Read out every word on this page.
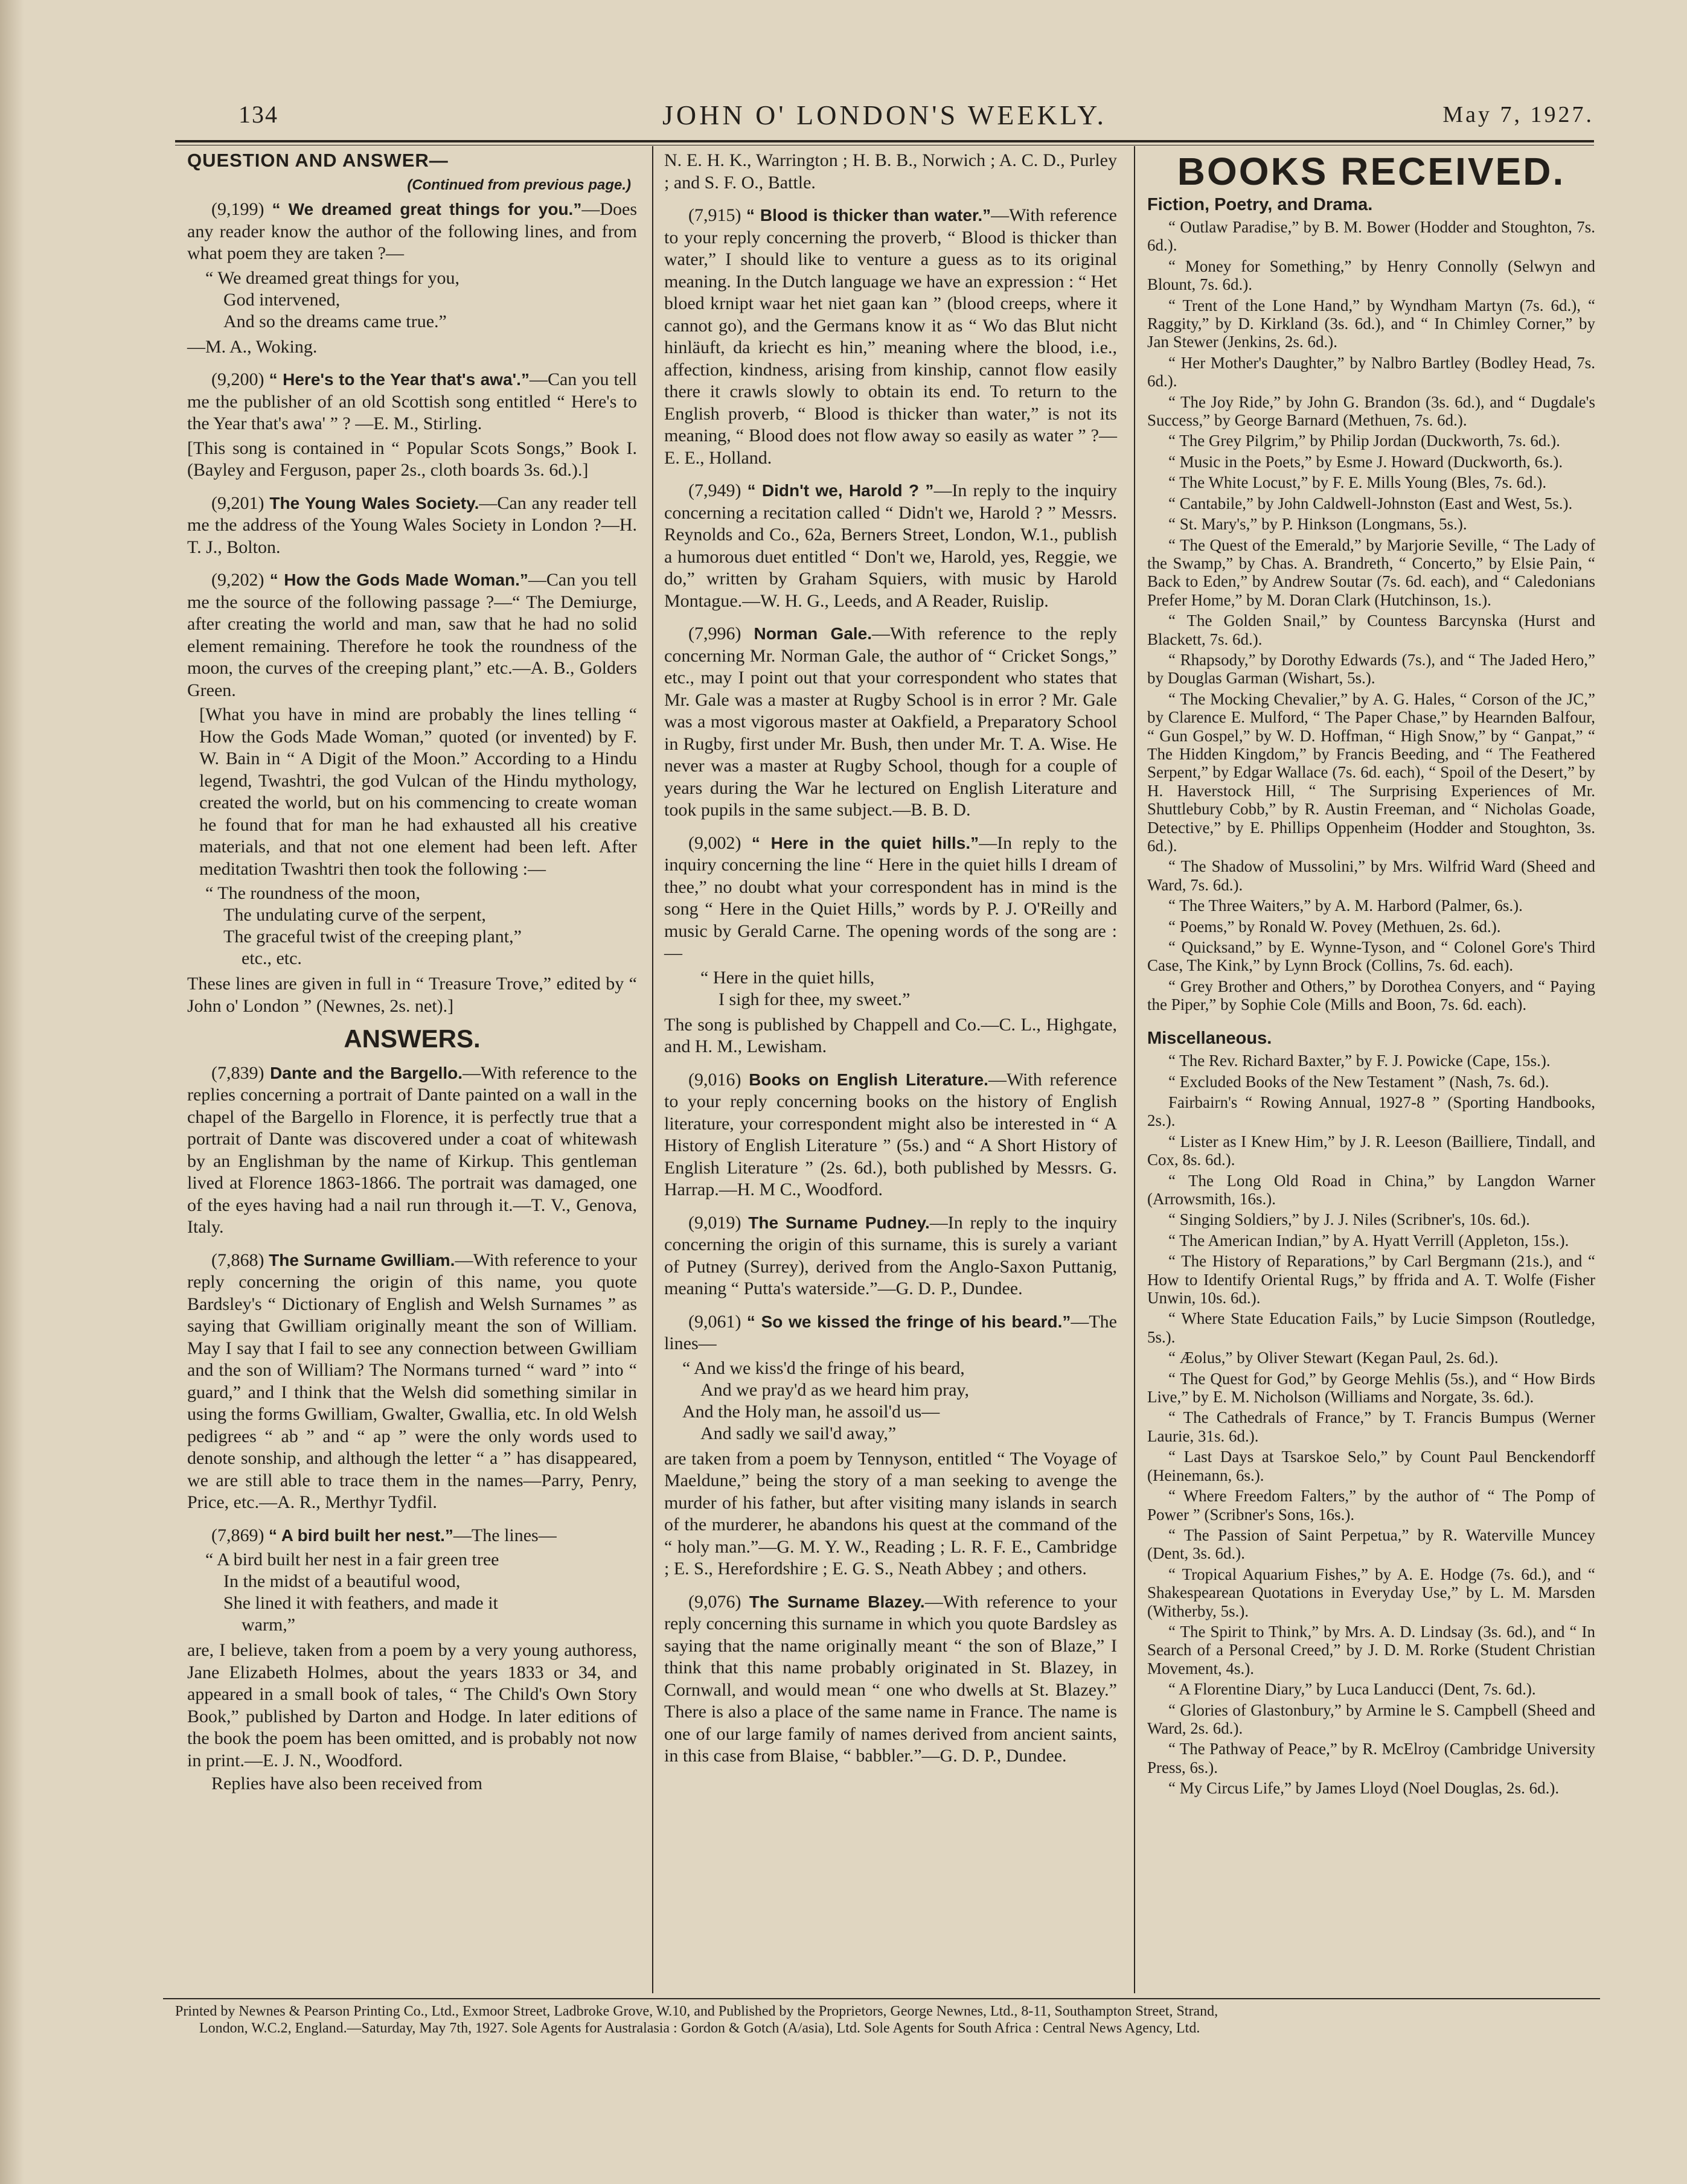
134	JOHN O' LONDON'S WEEKLY.	May 7, 1927.
QUESTION AND ANSWER—
(Continued from previous page.)

(9,199) “ We dreamed great things for you.”—Does any reader know the author of the following lines, and from what poem they are taken ?—

“ We dreamed great things for you,
God intervened,
And so the dreams came true.”

—M. A., Woking.

(9,200) “ Here's to the Year that's awa'.”—Can you tell me the publisher of an old Scottish song entitled “ Here's to the Year that's awa' ” ? —E. M., Stirling.

[This song is contained in “ Popular Scots Songs,” Book I. (Bayley and Ferguson, paper 2s., cloth boards 3s. 6d.).]

(9,201) The Young Wales Society.—Can any reader tell me the address of the Young Wales Society in London ?—H. T. J., Bolton.

(9,202) “ How the Gods Made Woman.”—Can you tell me the source of the following passage ?—“ The Demiurge, after creating the world and man, saw that he had no solid element remaining. Therefore he took the roundness of the moon, the curves of the creeping plant,” etc.—A. B., Golders Green.

[What you have in mind are probably the lines telling “ How the Gods Made Woman,” quoted (or invented) by F. W. Bain in “ A Digit of the Moon.” According to a Hindu legend, Twashtri, the god Vulcan of the Hindu mythology, created the world, but on his commencing to create woman he found that for man he had exhausted all his creative materials, and that not one element had been left. After meditation Twashtri then took the following :—

“ The roundness of the moon,
The undulating curve of the serpent,
The graceful twist of the creeping plant,”
etc., etc.

These lines are given in full in “ Treasure Trove,” edited by “ John o' London ” (Newnes, 2s. net).]

ANSWERS.

(7,839) Dante and the Bargello.—With reference to the replies concerning a portrait of Dante painted on a wall in the chapel of the Bargello in Florence, it is perfectly true that a portrait of Dante was discovered under a coat of whitewash by an Englishman by the name of Kirkup. This gentleman lived at Florence 1863-1866. The portrait was damaged, one of the eyes having had a nail run through it.—T. V., Genova, Italy.

(7,868) The Surname Gwilliam.—With reference to your reply concerning the origin of this name, you quote Bardsley's “ Dictionary of English and Welsh Surnames ” as saying that Gwilliam originally meant the son of William. May I say that I fail to see any connection between Gwilliam and the son of William? The Normans turned “ ward ” into “ guard,” and I think that the Welsh did something similar in using the forms Gwilliam, Gwalter, Gwallia, etc. In old Welsh pedigrees “ ab ” and “ ap ” were the only words used to denote sonship, and although the letter “ a ” has disappeared, we are still able to trace them in the names—Parry, Penry, Price, etc.—A. R., Merthyr Tydfil.

(7,869) “ A bird built her nest.”—The lines—

“ A bird built her nest in a fair green tree
In the midst of a beautiful wood,
She lined it with feathers, and made it
warm,”

are, I believe, taken from a poem by a very young authoress, Jane Elizabeth Holmes, about the years 1833 or 34, and appeared in a small book of tales, “ The Child's Own Story Book,” published by Darton and Hodge. In later editions of the book the poem has been omitted, and is probably not now in print.—E. J. N., Woodford.

Replies have also been received from

N. E. H. K., Warrington ; H. B. B., Norwich ; A. C. D., Purley ; and S. F. O., Battle.

(7,915) “ Blood is thicker than water.”—With reference to your reply concerning the proverb, “ Blood is thicker than water,” I should like to venture a guess as to its original meaning. In the Dutch language we have an expression : “ Het bloed krnipt waar het niet gaan kan ” (blood creeps, where it cannot go), and the Germans know it as “ Wo das Blut nicht hinläuft, da kriecht es hin,” meaning where the blood, i.e., affection, kindness, arising from kinship, cannot flow easily there it crawls slowly to obtain its end. To return to the English proverb, “ Blood is thicker than water,” is not its meaning, “ Blood does not flow away so easily as water ” ?—E. E., Holland.

(7,949) “ Didn't we, Harold ? ”—In reply to the inquiry concerning a recitation called “ Didn't we, Harold ? ” Messrs. Reynolds and Co., 62a, Berners Street, London, W.1., publish a humorous duet entitled “ Don't we, Harold, yes, Reggie, we do,” written by Graham Squiers, with music by Harold Montague.—W. H. G., Leeds, and A Reader, Ruislip.

(7,996) Norman Gale.—With reference to the reply concerning Mr. Norman Gale, the author of “ Cricket Songs,” etc., may I point out that your correspondent who states that Mr. Gale was a master at Rugby School is in error ? Mr. Gale was a most vigorous master at Oakfield, a Preparatory School in Rugby, first under Mr. Bush, then under Mr. T. A. Wise. He never was a master at Rugby School, though for a couple of years during the War he lectured on English Literature and took pupils in the same subject.—B. B. D.

(9,002) “ Here in the quiet hills.”—In reply to the inquiry concerning the line “ Here in the quiet hills I dream of thee,” no doubt what your correspondent has in mind is the song “ Here in the Quiet Hills,” words by P. J. O'Reilly and music by Gerald Carne. The opening words of the song are :—

“ Here in the quiet hills,
I sigh for thee, my sweet.”

The song is published by Chappell and Co.—C. L., Highgate, and H. M., Lewisham.

(9,016) Books on English Literature.—With reference to your reply concerning books on the history of English literature, your correspondent might also be interested in “ A History of English Literature ” (5s.) and “ A Short History of English Literature ” (2s. 6d.), both published by Messrs. G. Harrap.—H. M C., Woodford.

(9,019) The Surname Pudney.—In reply to the inquiry concerning the origin of this surname, this is surely a variant of Putney (Surrey), derived from the Anglo-Saxon Puttanig, meaning “ Putta's waterside.”—G. D. P., Dundee.

(9,061) “ So we kissed the fringe of his beard.”—The lines—

“ And we kiss'd the fringe of his beard,
And we pray'd as we heard him pray,
And the Holy man, he assoil'd us—
And sadly we sail'd away,”

are taken from a poem by Tennyson, entitled “ The Voyage of Maeldune,” being the story of a man seeking to avenge the murder of his father, but after visiting many islands in search of the murderer, he abandons his quest at the command of the “ holy man.”—G. M. Y. W., Reading ; L. R. F. E., Cambridge ; E. S., Herefordshire ; E. G. S., Neath Abbey ; and others.

(9,076) The Surname Blazey.—With reference to your reply concerning this surname in which you quote Bardsley as saying that the name originally meant “ the son of Blaze,” I think that this name probably originated in St. Blazey, in Cornwall, and would mean “ one who dwells at St. Blazey.” There is also a place of the same name in France. The name is one of our large family of names derived from ancient saints, in this case from Blaise, “ babbler.”—G. D. P., Dundee.

BOOKS RECEIVED.
Fiction, Poetry, and Drama.

“ Outlaw Paradise,” by B. M. Bower (Hodder and Stoughton, 7s. 6d.).

“ Money for Something,” by Henry Connolly (Selwyn and Blount, 7s. 6d.).

“ Trent of the Lone Hand,” by Wyndham Martyn (7s. 6d.), “ Raggity,” by D. Kirkland (3s. 6d.), and “ In Chimley Corner,” by Jan Stewer (Jenkins, 2s. 6d.).

“ Her Mother's Daughter,” by Nalbro Bartley (Bodley Head, 7s. 6d.).

“ The Joy Ride,” by John G. Brandon (3s. 6d.), and “ Dugdale's Success,” by George Barnard (Methuen, 7s. 6d.).

“ The Grey Pilgrim,” by Philip Jordan (Duckworth, 7s. 6d.).

“ Music in the Poets,” by Esme J. Howard (Duckworth, 6s.).

“ The White Locust,” by F. E. Mills Young (Bles, 7s. 6d.).

“ Cantabile,” by John Caldwell-Johnston (East and West, 5s.).

“ St. Mary's,” by P. Hinkson (Longmans, 5s.).

“ The Quest of the Emerald,” by Marjorie Seville, “ The Lady of the Swamp,” by Chas. A. Brandreth, “ Concerto,” by Elsie Pain, “ Back to Eden,” by Andrew Soutar (7s. 6d. each), and “ Caledonians Prefer Home,” by M. Doran Clark (Hutchinson, 1s.).

“ The Golden Snail,” by Countess Barcynska (Hurst and Blackett, 7s. 6d.).

“ Rhapsody,” by Dorothy Edwards (7s.), and “ The Jaded Hero,” by Douglas Garman (Wishart, 5s.).

“ The Mocking Chevalier,” by A. G. Hales, “ Corson of the JC,” by Clarence E. Mulford, “ The Paper Chase,” by Hearnden Balfour, “ Gun Gospel,” by W. D. Hoffman, “ High Snow,” by “ Ganpat,” “ The Hidden Kingdom,” by Francis Beeding, and “ The Feathered Serpent,” by Edgar Wallace (7s. 6d. each), “ Spoil of the Desert,” by H. Haverstock Hill, “ The Surprising Experiences of Mr. Shuttlebury Cobb,” by R. Austin Freeman, and “ Nicholas Goade, Detective,” by E. Phillips Oppenheim (Hodder and Stoughton, 3s. 6d.).

“ The Shadow of Mussolini,” by Mrs. Wilfrid Ward (Sheed and Ward, 7s. 6d.).

“ The Three Waiters,” by A. M. Harbord (Palmer, 6s.).

“ Poems,” by Ronald W. Povey (Methuen, 2s. 6d.).

“ Quicksand,” by E. Wynne-Tyson, and “ Colonel Gore's Third Case, The Kink,” by Lynn Brock (Collins, 7s. 6d. each).

“ Grey Brother and Others,” by Dorothea Conyers, and “ Paying the Piper,” by Sophie Cole (Mills and Boon, 7s. 6d. each).

Miscellaneous.

“ The Rev. Richard Baxter,” by F. J. Powicke (Cape, 15s.).

“ Excluded Books of the New Testament ” (Nash, 7s. 6d.).

Fairbairn's “ Rowing Annual, 1927-8 ” (Sporting Handbooks, 2s.).

“ Lister as I Knew Him,” by J. R. Leeson (Bailliere, Tindall, and Cox, 8s. 6d.).

“ The Long Old Road in China,” by Langdon Warner (Arrowsmith, 16s.).

“ Singing Soldiers,” by J. J. Niles (Scribner's, 10s. 6d.).

“ The American Indian,” by A. Hyatt Verrill (Appleton, 15s.).

“ The History of Reparations,” by Carl Bergmann (21s.), and “ How to Identify Oriental Rugs,” by ffrida and A. T. Wolfe (Fisher Unwin, 10s. 6d.).

“ Where State Education Fails,” by Lucie Simpson (Routledge, 5s.).

“ Æolus,” by Oliver Stewart (Kegan Paul, 2s. 6d.).

“ The Quest for God,” by George Mehlis (5s.), and “ How Birds Live,” by E. M. Nicholson (Williams and Norgate, 3s. 6d.).

“ The Cathedrals of France,” by T. Francis Bumpus (Werner Laurie, 31s. 6d.).

“ Last Days at Tsarskoe Selo,” by Count Paul Benckendorff (Heinemann, 6s.).

“ Where Freedom Falters,” by the author of “ The Pomp of Power ” (Scribner's Sons, 16s.).

“ The Passion of Saint Perpetua,” by R. Waterville Muncey (Dent, 3s. 6d.).

“ Tropical Aquarium Fishes,” by A. E. Hodge (7s. 6d.), and “ Shakespearean Quotations in Everyday Use,” by L. M. Marsden (Witherby, 5s.).

“ The Spirit to Think,” by Mrs. A. D. Lindsay (3s. 6d.), and “ In Search of a Personal Creed,” by J. D. M. Rorke (Student Christian Movement, 4s.).

“ A Florentine Diary,” by Luca Landucci (Dent, 7s. 6d.).

“ Glories of Glastonbury,” by Armine le S. Campbell (Sheed and Ward, 2s. 6d.).

“ The Pathway of Peace,” by R. McElroy (Cambridge University Press, 6s.).

“ My Circus Life,” by James Lloyd (Noel Douglas, 2s. 6d.).

Printed by Newnes & Pearson Printing Co., Ltd., Exmoor Street, Ladbroke Grove, W.10, and Published by the Proprietors, George Newnes, Ltd., 8-11, Southampton Street, Strand,
London, W.C.2, England.—Saturday, May 7th, 1927. Sole Agents for Australasia : Gordon & Gotch (A/asia), Ltd. Sole Agents for South Africa : Central News Agency, Ltd.
